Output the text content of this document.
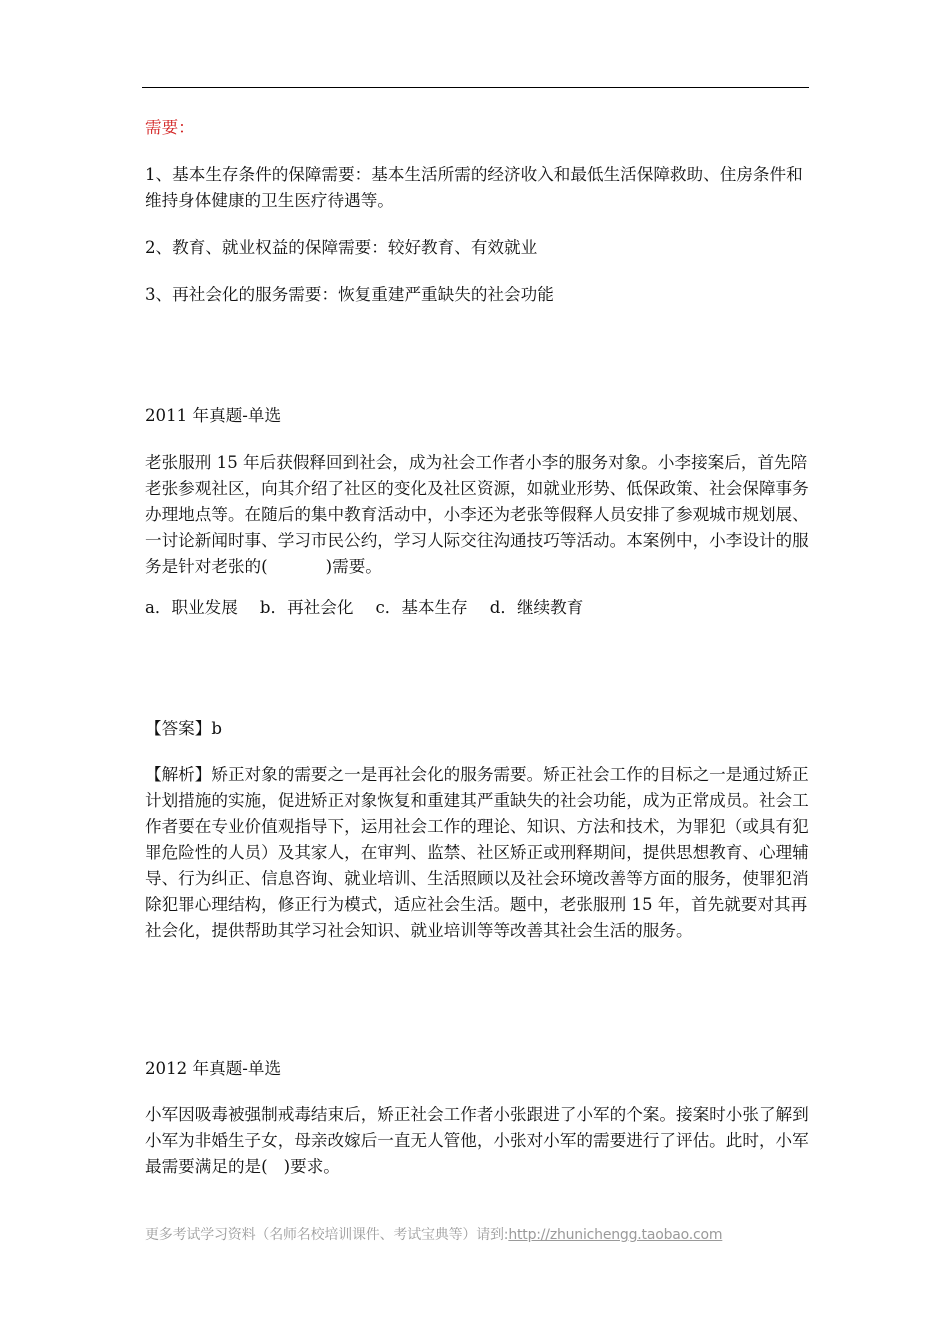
需要：

1、基本生存条件的保障需要：基本生活所需的经济收入和最低生活保障救助、住房条件和维持身体健康的卫生医疗待遇等。

2、教育、就业权益的保障需要：较好教育、有效就业

3、再社会化的服务需要：恢复重建严重缺失的社会功能

2011 年真题-单选

老张服刑 15 年后获假释回到社会，成为社会工作者小李的服务对象。小李接案后，首先陪老张参观社区，向其介绍了社区的变化及社区资源，如就业形势、低保政策、社会保障事务办理地点等。在随后的集中教育活动中，小李还为老张等假释人员安排了参观城市规划展、一讨论新闻时事、学习市民公约，学习人际交往沟通技巧等活动。本案例中，小李设计的服务是针对老张的(	)需要。

a．职业发展 b．再社会化 c．基本生存 d．继续教育

【答案】b

【解析】矫正对象的需要之一是再社会化的服务需要。矫正社会工作的目标之一是通过矫正计划措施的实施，促进矫正对象恢复和重建其严重缺失的社会功能，成为正常成员。社会工作者要在专业价值观指导下，运用社会工作的理论、知识、方法和技术，为罪犯（或具有犯罪危险性的人员）及其家人，在审判、监禁、社区矫正或刑释期间，提供思想教育、心理辅导、行为纠正、信息咨询、就业培训、生活照顾以及社会环境改善等方面的服务，使罪犯消除犯罪心理结构，修正行为模式，适应社会生活。题中，老张服刑 15 年，首先就要对其再社会化，提供帮助其学习社会知识、就业培训等等改善其社会生活的服务。

2012 年真题-单选

小军因吸毒被强制戒毒结束后，矫正社会工作者小张跟进了小军的个案。接案时小张了解到小军为非婚生子女，母亲改嫁后一直无人管他，小张对小军的需要进行了评估。此时，小军最需要满足的是( )要求。

更多考试学习资料（名师名校培训课件、考试宝典等）请到:http://zhunichengg.taobao.com
